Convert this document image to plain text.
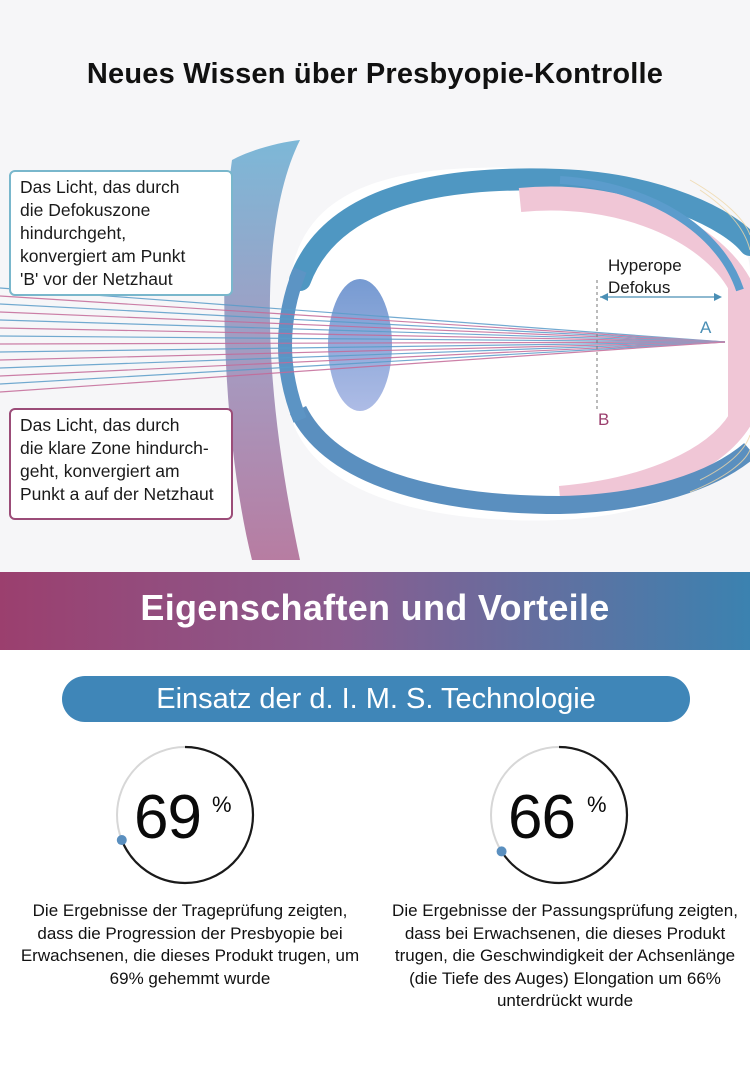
Neues Wissen über Presbyopie-Kontrolle
Das Licht, das durch
die Defokuszone
hindurchgeht,
konvergiert am Punkt
'B' vor der Netzhaut
Das Licht, das durch
die klare Zone hindurch-
geht, konvergiert am
Punkt a auf der Netzhaut
Hyperope
Defokus
A
B
Eigenschaften und Vorteile
Einsatz der d. I. M. S. Technologie
69 %	66 %
Die Ergebnisse der Trageprüfung zeigten, dass die Progression der Presbyopie bei Erwachsenen, die dieses Produkt trugen, um 69% gehemmt wurde
Die Ergebnisse der Passungsprüfung zeigten, dass bei Erwachsenen, die dieses Produkt trugen, die Geschwindigkeit der Achsenlänge (die Tiefe des Auges) Elongation um 66% unterdrückt wurde
